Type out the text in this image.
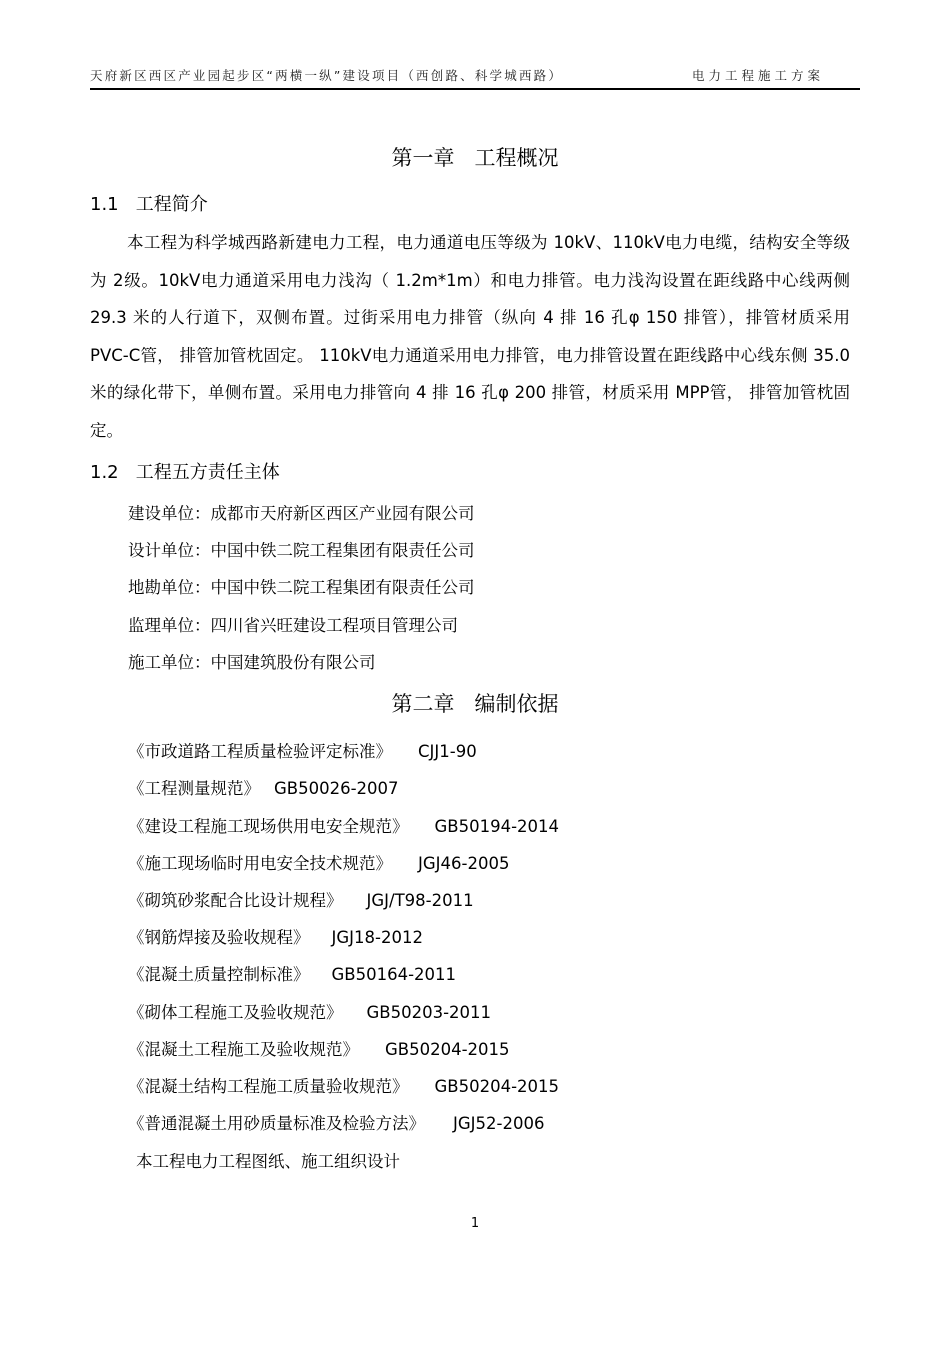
天府新区西区产业园起步区“两横一纵”建设项目（西创路、科学城西路）	电力工程施工方案
第一章   工程概况
1.1   工程简介

本工程为科学城西路新建电力工程，电力通道电压等级为 10kV、110kV电力电缆，结构安全等级为 2级。10kV电力通道采用电力浅沟（ 1.2m*1m）和电力排管。电力浅沟设置在距线路中心线两侧 29.3 米的人行道下，双侧布置。过街采用电力排管（纵向 4 排 16 孔φ 150 排管），排管材质采用 PVC-C管， 排管加管枕固定。 110kV电力通道采用电力排管，电力排管设置在距线路中心线东侧 35.0 米的绿化带下，单侧布置。采用电力排管向 4 排 16 孔φ 200 排管，材质采用 MPP管， 排管加管枕固定。

1.2   工程五方责任主体
建设单位：成都市天府新区西区产业园有限公司
设计单位：中国中铁二院工程集团有限责任公司
地勘单位：中国中铁二院工程集团有限责任公司
监理单位：四川省兴旺建设工程项目管理公司
施工单位：中国建筑股份有限公司
第二章   编制依据
《市政道路工程质量检验评定标准》 CJJ1-90
《工程测量规范》 GB50026-2007
《建设工程施工现场供用电安全规范》 GB50194-2014
《施工现场临时用电安全技术规范》 JGJ46-2005
《砌筑砂浆配合比设计规程》 JGJ/T98-2011
《钢筋焊接及验收规程》 JGJ18-2012
《混凝土质量控制标准》 GB50164-2011
《砌体工程施工及验收规范》 GB50203-2011
《混凝土工程施工及验收规范》 GB50204-2015
《混凝土结构工程施工质量验收规范》 GB50204-2015
《普通混凝土用砂质量标准及检验方法》 JGJ52-2006
本工程电力工程图纸、施工组织设计
1
